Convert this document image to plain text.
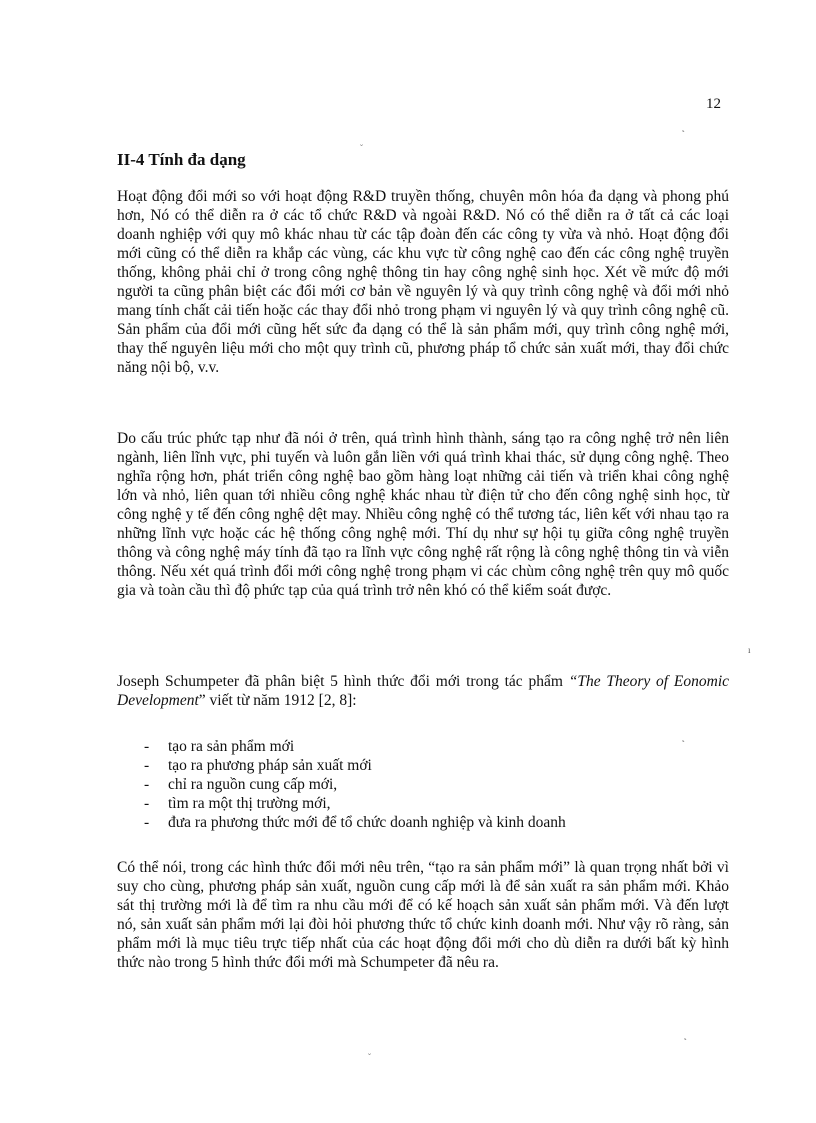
12
II-4 Tính đa dạng

Hoạt động đổi mới so với hoạt động R&D truyền thống, chuyên môn hóa đa dạng và phong phú hơn, Nó có thể diễn ra ở các tổ chức R&D và ngoài R&D. Nó có thể diễn ra ở tất cả các loại doanh nghiệp với quy mô khác nhau từ các tập đoàn đến các công ty vừa và nhỏ. Hoạt động đổi mới cũng có thể diễn ra khắp các vùng, các khu vực từ công nghệ cao đến các công nghệ truyền thống, không phải chỉ ở trong công nghệ thông tin hay công nghệ sinh học. Xét về mức độ mới người ta cũng phân biệt các đổi mới cơ bản về nguyên lý và quy trình công nghệ và đổi mới nhỏ mang tính chất cải tiến hoặc các thay đổi nhỏ trong phạm vi nguyên lý và quy trình công nghệ cũ. Sản phẩm của đổi mới cũng hết sức đa dạng có thể là sản phẩm mới, quy trình công nghệ mới, thay thế nguyên liệu mới cho một quy trình cũ, phương pháp tổ chức sản xuất mới, thay đổi chức năng nội bộ, v.v.

Do cấu trúc phức tạp như đã nói ở trên, quá trình hình thành, sáng tạo ra công nghệ trở nên liên ngành, liên lĩnh vực, phi tuyến và luôn gắn liền với quá trình khai thác, sử dụng công nghệ. Theo nghĩa rộng hơn, phát triển công nghệ bao gồm hàng loạt những cải tiến và triển khai công nghệ lớn và nhỏ, liên quan tới nhiều công nghệ khác nhau từ điện tử cho đến công nghệ sinh học, từ công nghệ y tế đến công nghệ dệt may. Nhiều công nghệ có thể tương tác, liên kết với nhau tạo ra những lĩnh vực hoặc các hệ thống công nghệ mới. Thí dụ như sự hội tụ giữa công nghệ truyền thông và công nghệ máy tính đã tạo ra lĩnh vực công nghệ rất rộng là công nghệ thông tin và viễn thông. Nếu xét quá trình đổi mới công nghệ trong phạm vi các chùm công nghệ trên quy mô quốc gia và toàn cầu thì độ phức tạp của quá trình trở nên khó có thể kiểm soát được.

Joseph Schumpeter đã phân biệt 5 hình thức đổi mới trong tác phẩm “The Theory of Eonomic Development” viết từ năm 1912 [2, 8]:

- tạo ra sản phẩm mới
- tạo ra phương pháp sản xuất mới
- chỉ ra nguồn cung cấp mới,
- tìm ra một thị trường mới,
- đưa ra phương thức mới để tổ chức doanh nghiệp và kinh doanh

Có thể nói, trong các hình thức đổi mới nêu trên, “tạo ra sản phẩm mới” là quan trọng nhất bởi vì suy cho cùng, phương pháp sản xuất, nguồn cung cấp mới là để sản xuất ra sản phẩm mới. Khảo sát thị trường mới là để tìm ra nhu cầu mới để có kế hoạch sản xuất sản phẩm mới. Và đến lượt nó, sản xuất sản phẩm mới lại đòi hỏi phương thức tổ chức kinh doanh mới. Như vậy rõ ràng, sản phẩm mới là mục tiêu trực tiếp nhất của các hoạt động đổi mới cho dù diễn ra dưới bất kỳ hình thức nào trong 5 hình thức đổi mới mà Schumpeter đã nêu ra.

˛
˘
˛
ı
˛
˘
